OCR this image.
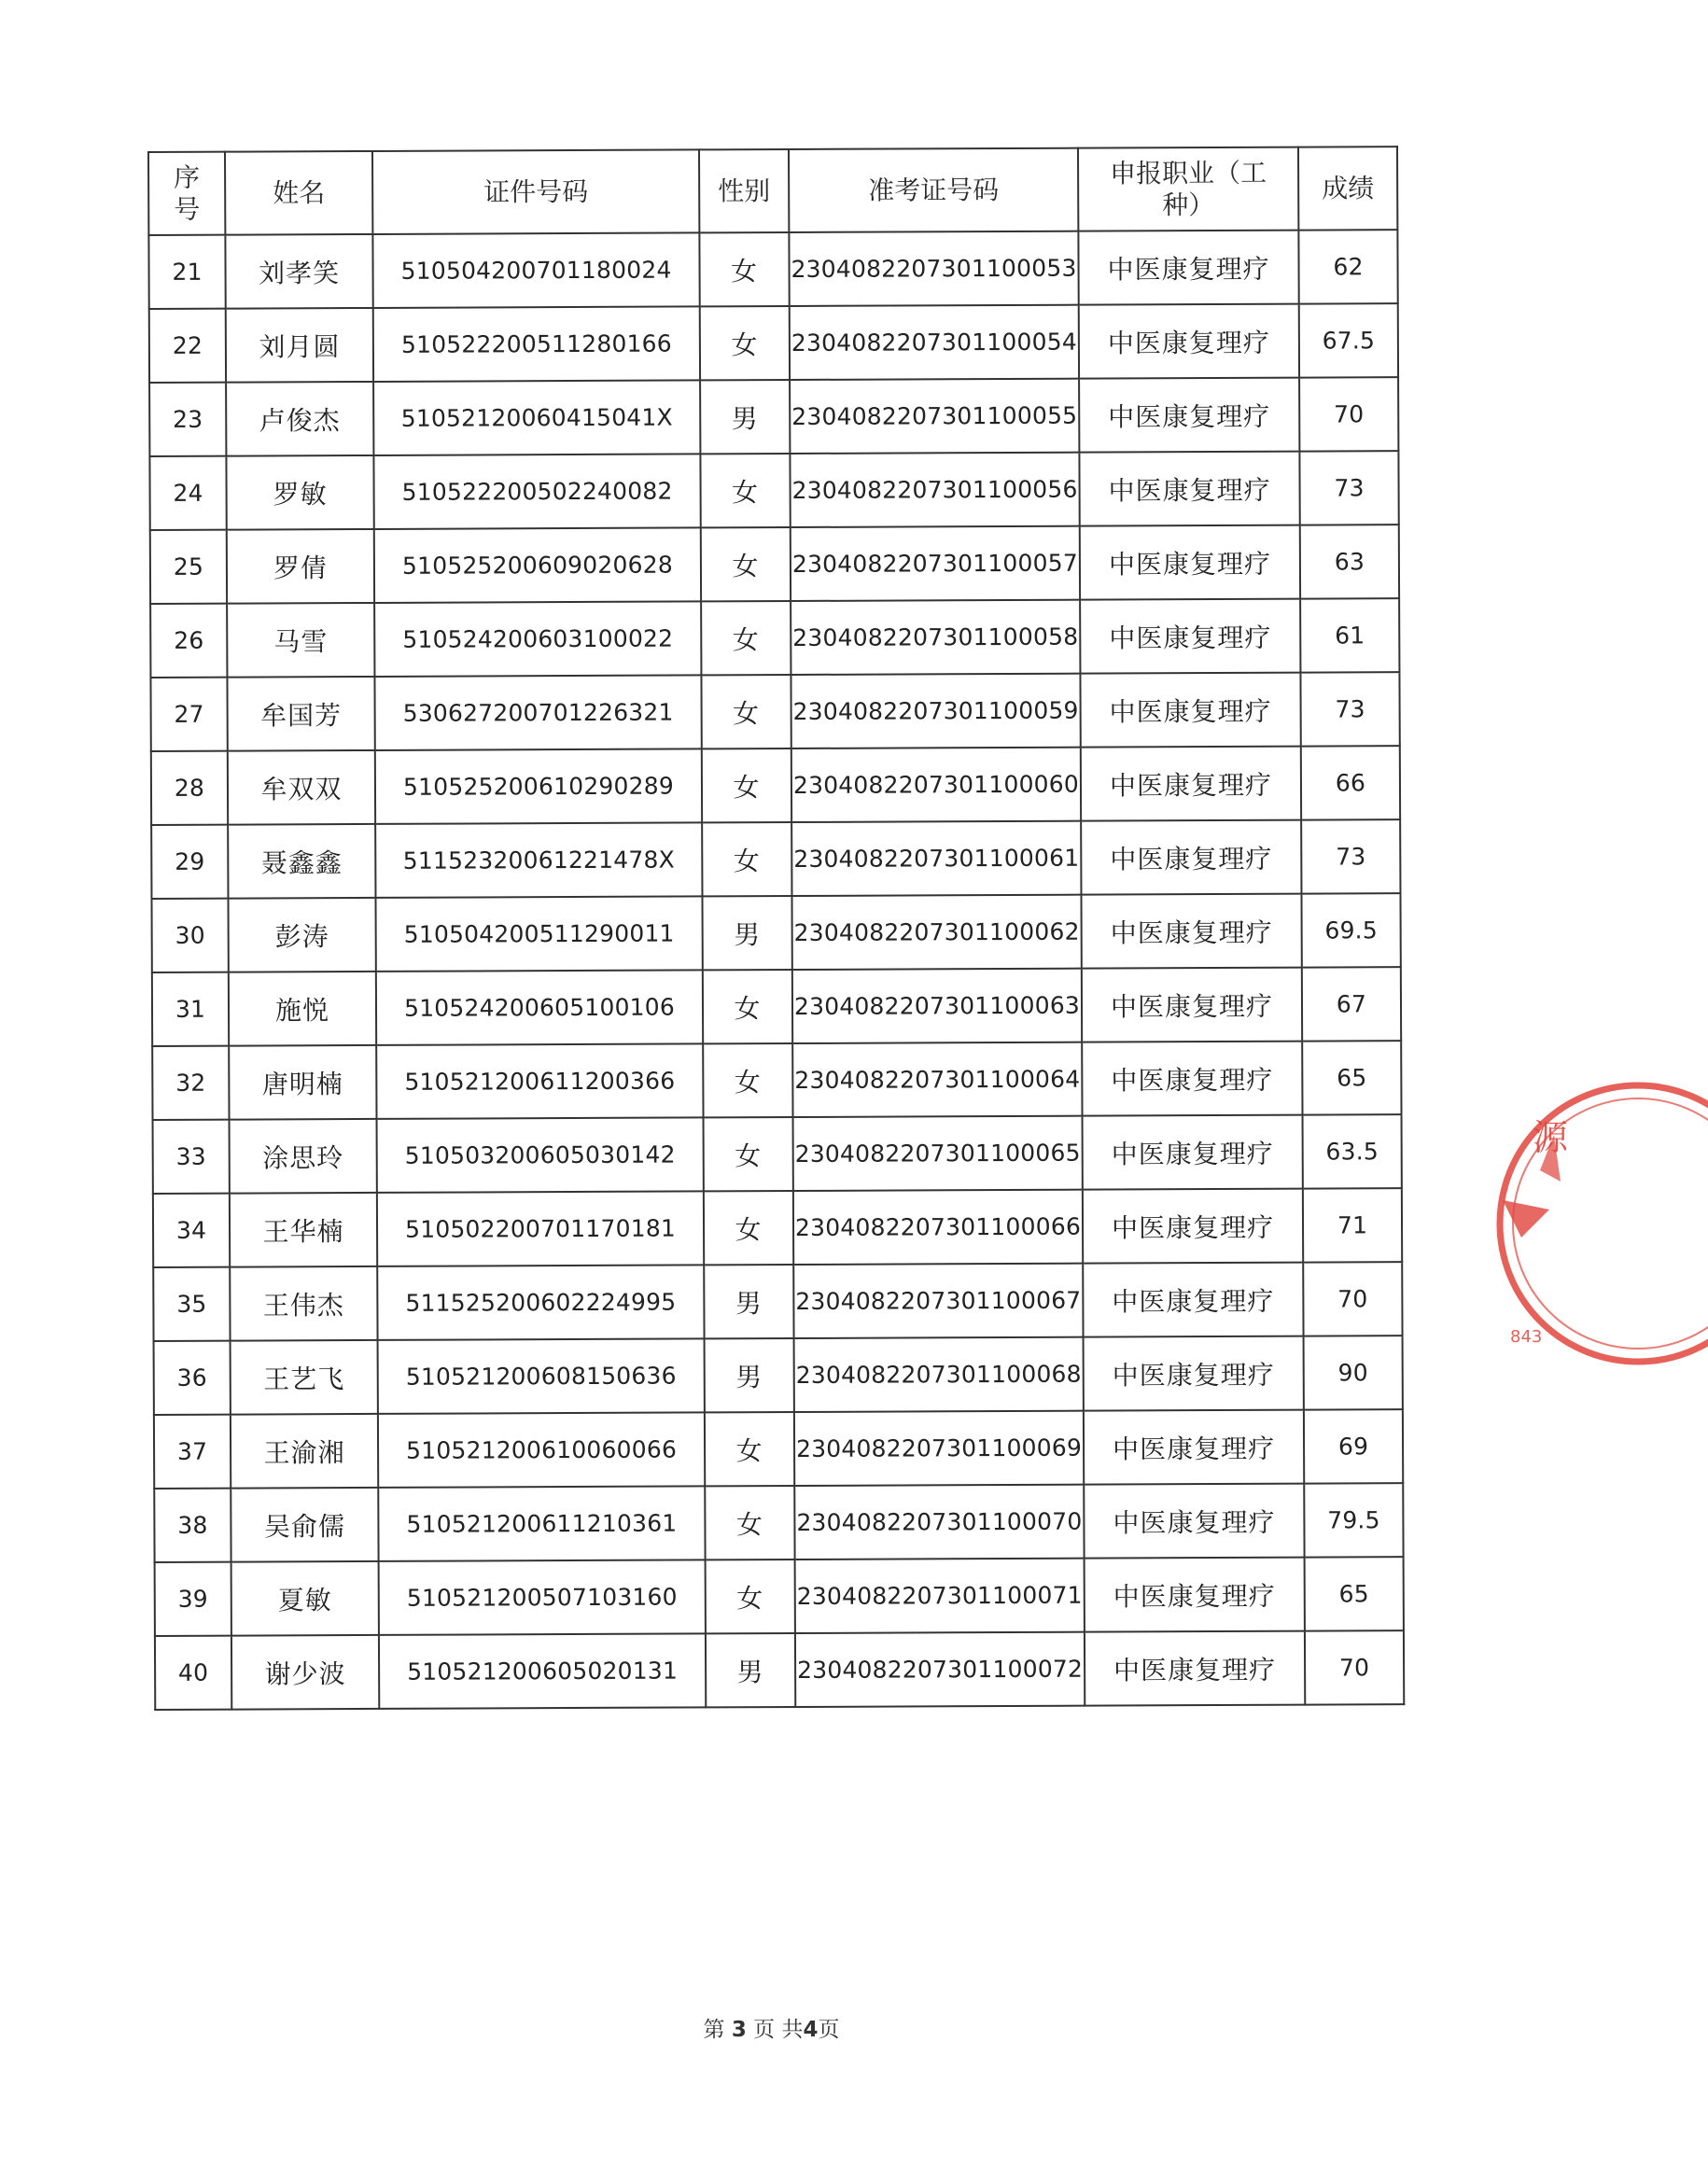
序号	姓名	证件号码	性别	准考证号码	申报职业（工种）	成绩
21	刘孝笑	510504200701180024	女	2304082207301100053	中医康复理疗	62
22	刘月圆	510522200511280166	女	2304082207301100054	中医康复理疗	67.5
23	卢俊杰	51052120060415041X	男	2304082207301100055	中医康复理疗	70
24	罗敏	510522200502240082	女	2304082207301100056	中医康复理疗	73
25	罗倩	510525200609020628	女	2304082207301100057	中医康复理疗	63
26	马雪	510524200603100022	女	2304082207301100058	中医康复理疗	61
27	牟国芳	530627200701226321	女	2304082207301100059	中医康复理疗	73
28	牟双双	510525200610290289	女	2304082207301100060	中医康复理疗	66
29	聂鑫鑫	51152320061221478X	女	2304082207301100061	中医康复理疗	73
30	彭涛	510504200511290011	男	2304082207301100062	中医康复理疗	69.5
31	施悦	510524200605100106	女	2304082207301100063	中医康复理疗	67
32	唐明楠	510521200611200366	女	2304082207301100064	中医康复理疗	65
33	涂思玲	510503200605030142	女	2304082207301100065	中医康复理疗	63.5
34	王华楠	510502200701170181	女	2304082207301100066	中医康复理疗	71
35	王伟杰	511525200602224995	男	2304082207301100067	中医康复理疗	70
36	王艺飞	510521200608150636	男	2304082207301100068	中医康复理疗	90
37	王渝湘	510521200610060066	女	2304082207301100069	中医康复理疗	69
38	吴俞儒	510521200611210361	女	2304082207301100070	中医康复理疗	79.5
39	夏敏	510521200507103160	女	2304082207301100071	中医康复理疗	65
40	谢少波	510521200605020131	男	2304082207301100072	中医康复理疗	70
第 3 页 共4页
源
843
